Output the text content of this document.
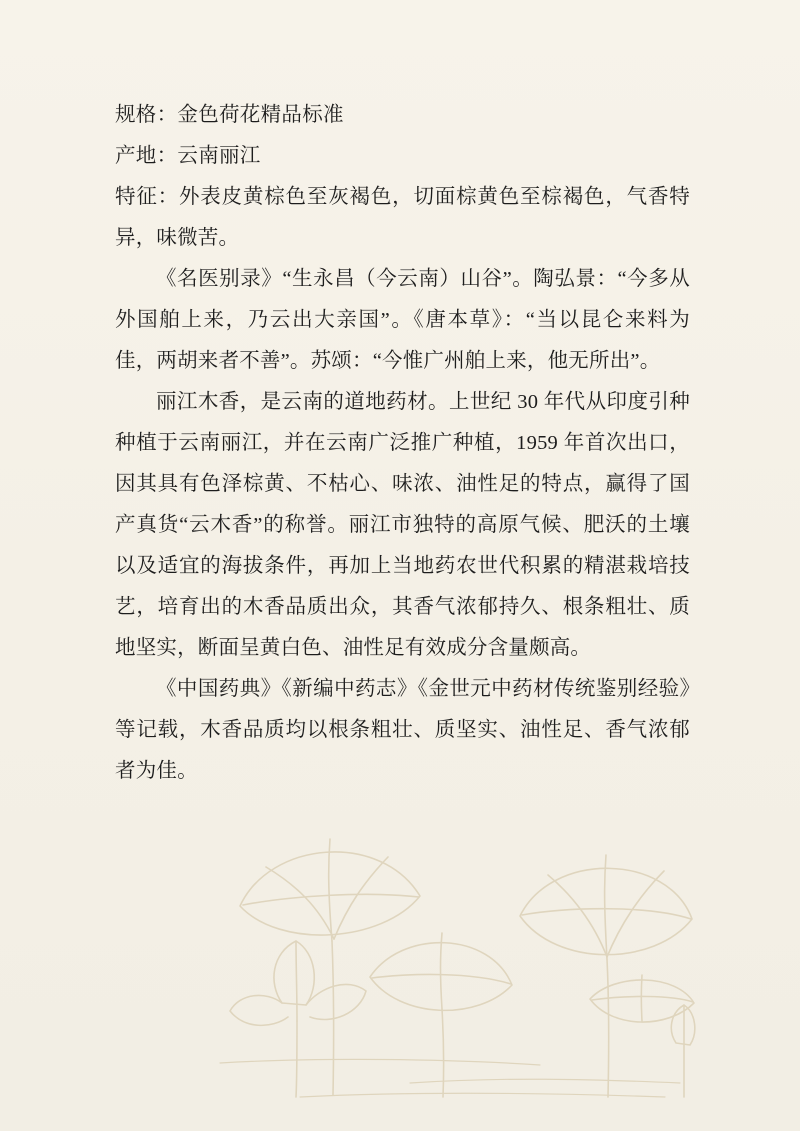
规格：金色荷花精品标准
产地：云南丽江

特征：外表皮黄棕色至灰褐色，切面棕黄色至棕褐色，气香特异，味微苦。

《名医别录》“生永昌（今云南）山谷”。陶弘景：“今多从外国舶上来，乃云出大亲国”。《唐本草》：“当以昆仑来料为佳，两胡来者不善”。苏颂：“今惟广州舶上来，他无所出”。

丽江木香，是云南的道地药材。上世纪 30 年代从印度引种种植于云南丽江，并在云南广泛推广种植，1959 年首次出口，因其具有色泽棕黄、不枯心、味浓、油性足的特点，赢得了国产真货“云木香”的称誉。丽江市独特的高原气候、肥沃的土壤以及适宜的海拔条件，再加上当地药农世代积累的精湛栽培技艺，培育出的木香品质出众，其香气浓郁持久、根条粗壮、质地坚实，断面呈黄白色、油性足有效成分含量颇高。

《中国药典》《新编中药志》《金世元中药材传统鉴别经验》等记载，木香品质均以根条粗壮、质坚实、油性足、香气浓郁者为佳。
